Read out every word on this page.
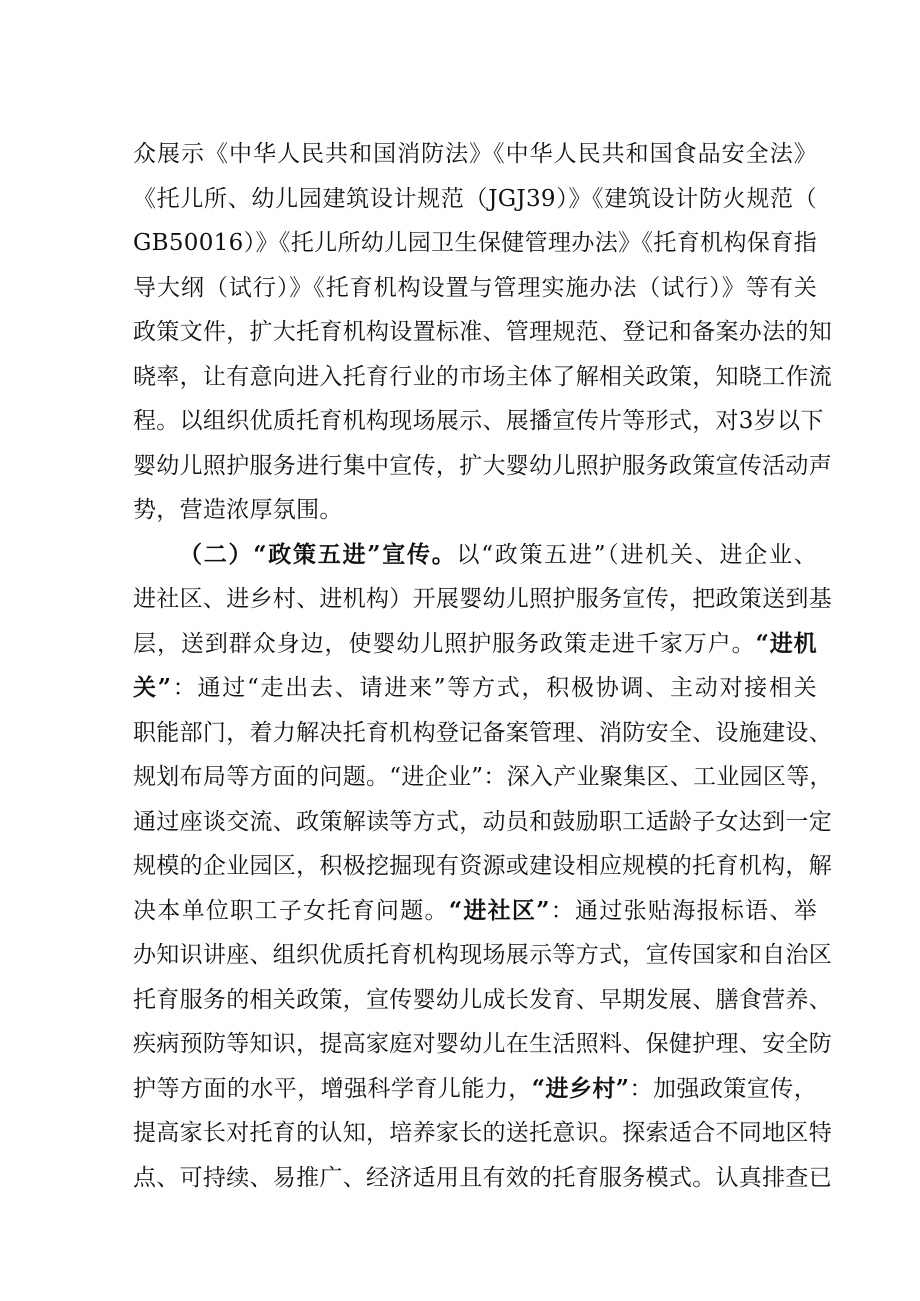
众展示《中华人民共和国消防法》《中华人民共和国食品安全法》
《托儿所、幼儿园建筑设计规范（JGJ39）》《建筑设计防火规范（
GB50016）》《托儿所幼儿园卫生保健管理办法》《托育机构保育指
导大纲（试行）》《托育机构设置与管理实施办法（试行）》等有关
政策文件，扩大托育机构设置标准、管理规范、登记和备案办法的知
晓率，让有意向进入托育行业的市场主体了解相关政策，知晓工作流
程。以组织优质托育机构现场展示、展播宣传片等形式，对3岁以下
婴幼儿照护服务进行集中宣传，扩大婴幼儿照护服务政策宣传活动声
势，营造浓厚氛围。
（二）“政策五进”宣传。以“政策五进”（进机关、进企业、
进社区、进乡村、进机构）开展婴幼儿照护服务宣传，把政策送到基
层，送到群众身边，使婴幼儿照护服务政策走进千家万户。“进机
关”：通过“走出去、请进来”等方式，积极协调、主动对接相关
职能部门，着力解决托育机构登记备案管理、消防安全、设施建设、
规划布局等方面的问题。“进企业”：深入产业聚集区、工业园区等，
通过座谈交流、政策解读等方式，动员和鼓励职工适龄子女达到一定
规模的企业园区，积极挖掘现有资源或建设相应规模的托育机构，解
决本单位职工子女托育问题。“进社区”：通过张贴海报标语、举
办知识讲座、组织优质托育机构现场展示等方式，宣传国家和自治区
托育服务的相关政策，宣传婴幼儿成长发育、早期发展、膳食营养、
疾病预防等知识，提高家庭对婴幼儿在生活照料、保健护理、安全防
护等方面的水平，增强科学育儿能力，“进乡村”：加强政策宣传，
提高家长对托育的认知，培养家长的送托意识。探索适合不同地区特
点、可持续、易推广、经济适用且有效的托育服务模式。认真排查已
